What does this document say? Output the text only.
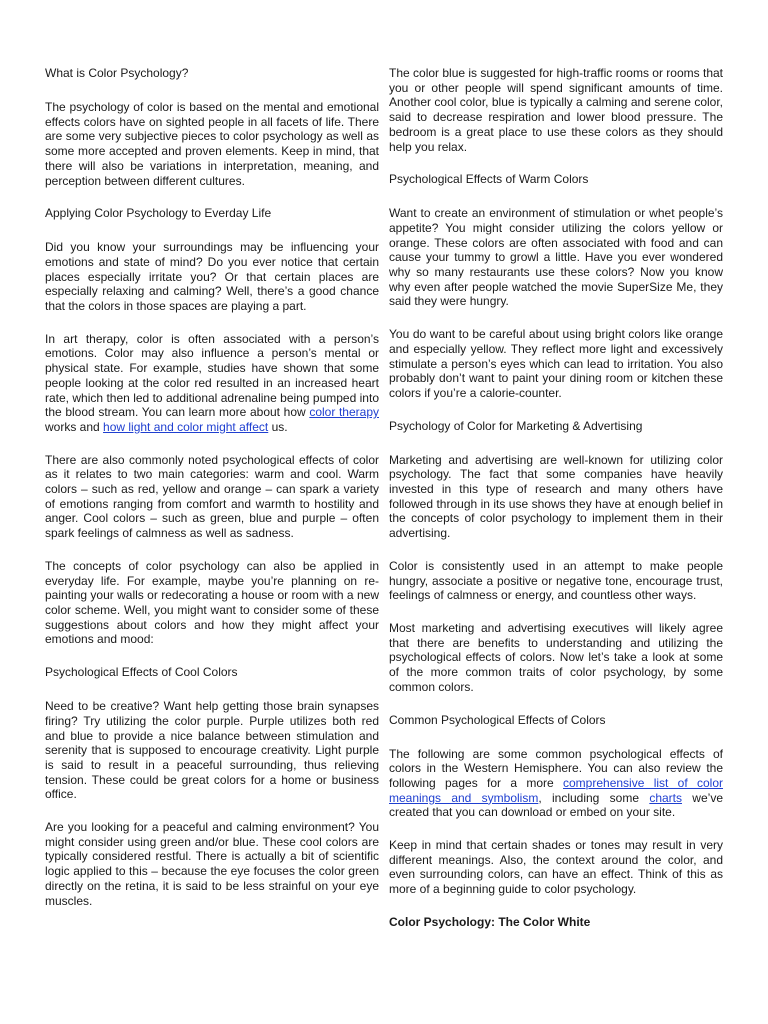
What is Color Psychology?
The psychology of color is based on the mental and emotional effects colors have on sighted people in all facets of life. There are some very subjective pieces to color psychology as well as some more accepted and proven elements. Keep in mind, that there will also be variations in interpretation, meaning, and perception between different cultures.
Applying Color Psychology to Everday Life
Did you know your surroundings may be influencing your emotions and state of mind? Do you ever notice that certain places especially irritate you? Or that certain places are especially relaxing and calming? Well, there’s a good chance that the colors in those spaces are playing a part.
In art therapy, color is often associated with a person’s emotions. Color may also influence a person’s mental or physical state. For example, studies have shown that some people looking at the color red resulted in an increased heart rate, which then led to additional adrenaline being pumped into the blood stream. You can learn more about how color therapy works and how light and color might affect us.
There are also commonly noted psychological effects of color as it relates to two main categories: warm and cool. Warm colors – such as red, yellow and orange – can spark a variety of emotions ranging from comfort and warmth to hostility and anger. Cool colors – such as green, blue and purple – often spark feelings of calmness as well as sadness.
The concepts of color psychology can also be applied in everyday life. For example, maybe you’re planning on re-painting your walls or redecorating a house or room with a new color scheme. Well, you might want to consider some of these suggestions about colors and how they might affect your emotions and mood:
Psychological Effects of Cool Colors
Need to be creative? Want help getting those brain synapses firing? Try utilizing the color purple. Purple utilizes both red and blue to provide a nice balance between stimulation and serenity that is supposed to encourage creativity. Light purple is said to result in a peaceful surrounding, thus relieving tension. These could be great colors for a home or business office.
Are you looking for a peaceful and calming environment? You might consider using green and/or blue. These cool colors are typically considered restful. There is actually a bit of scientific logic applied to this – because the eye focuses the color green directly on the retina, it is said to be less strainful on your eye muscles.
The color blue is suggested for high-traffic rooms or rooms that you or other people will spend significant amounts of time. Another cool color, blue is typically a calming and serene color, said to decrease respiration and lower blood pressure. The bedroom is a great place to use these colors as they should help you relax.
Psychological Effects of Warm Colors
Want to create an environment of stimulation or whet people’s appetite? You might consider utilizing the colors yellow or orange. These colors are often associated with food and can cause your tummy to growl a little. Have you ever wondered why so many restaurants use these colors? Now you know why even after people watched the movie SuperSize Me, they said they were hungry.
You do want to be careful about using bright colors like orange and especially yellow. They reflect more light and excessively stimulate a person’s eyes which can lead to irritation. You also probably don’t want to paint your dining room or kitchen these colors if you’re a calorie-counter.
Psychology of Color for Marketing & Advertising
Marketing and advertising are well-known for utilizing color psychology. The fact that some companies have heavily invested in this type of research and many others have followed through in its use shows they have at enough belief in the concepts of color psychology to implement them in their advertising.
Color is consistently used in an attempt to make people hungry, associate a positive or negative tone, encourage trust, feelings of calmness or energy, and countless other ways.
Most marketing and advertising executives will likely agree that there are benefits to understanding and utilizing the psychological effects of colors. Now let’s take a look at some of the more common traits of color psychology, by some common colors.
Common Psychological Effects of Colors
The following are some common psychological effects of colors in the Western Hemisphere. You can also review the following pages for a more comprehensive list of color meanings and symbolism, including some charts we’ve created that you can download or embed on your site.
Keep in mind that certain shades or tones may result in very different meanings. Also, the context around the color, and even surrounding colors, can have an effect. Think of this as more of a beginning guide to color psychology.
Color Psychology: The Color White
